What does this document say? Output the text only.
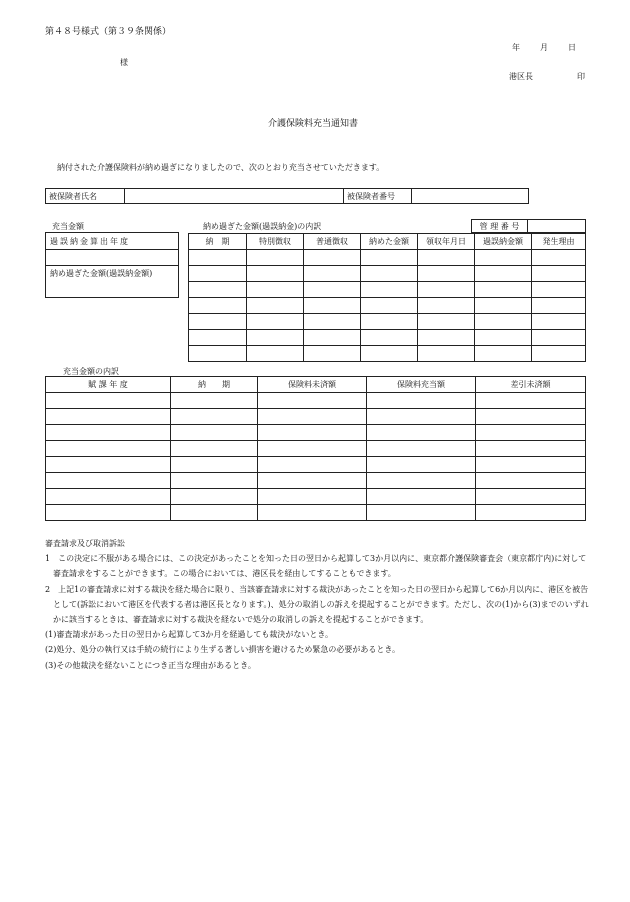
第４８号様式（第３９条関係）
年	月	日
様
港区長	印
介護保険料充当通知書
納付された介護保険料が納め過ぎになりましたので、次のとおり充当させていただきます。
被保険者氏名		被保険者番号	
充当金額
過誤納金算出年度
納め過ぎた金額(過誤納金額)
納め過ぎた金額(過誤納金)の内訳	管 理 番 号	
納　期	特別徴収	普通徴収	納めた金額	領収年月日	過誤納金額	発生理由

充当金額の内訳
賦 課 年 度	納　　期	保険料未済額	保険料充当額	差引未済額

審査請求及び取消訴訟

1　この決定に不服がある場合には、この決定があったことを知った日の翌日から起算して3か月以内に、東京都介護保険審査会（東京都庁内)に対して審査請求をすることができます。この場合においては、港区長を経由してすることもできます。

2　上記1の審査請求に対する裁決を経た場合に限り、当該審査請求に対する裁決があったことを知った日の翌日から起算して6か月以内に、港区を被告として(訴訟において港区を代表する者は港区長となります。)、処分の取消しの訴えを提起することができます。ただし、次の(1)から(3)までのいずれかに該当するときは、審査請求に対する裁決を経ないで処分の取消しの訴えを提起することができます。

(1)審査請求があった日の翌日から起算して3か月を経過しても裁決がないとき。

(2)処分、処分の執行又は手続の続行により生ずる著しい損害を避けるため緊急の必要があるとき。

(3)その他裁決を経ないことにつき正当な理由があるとき。
